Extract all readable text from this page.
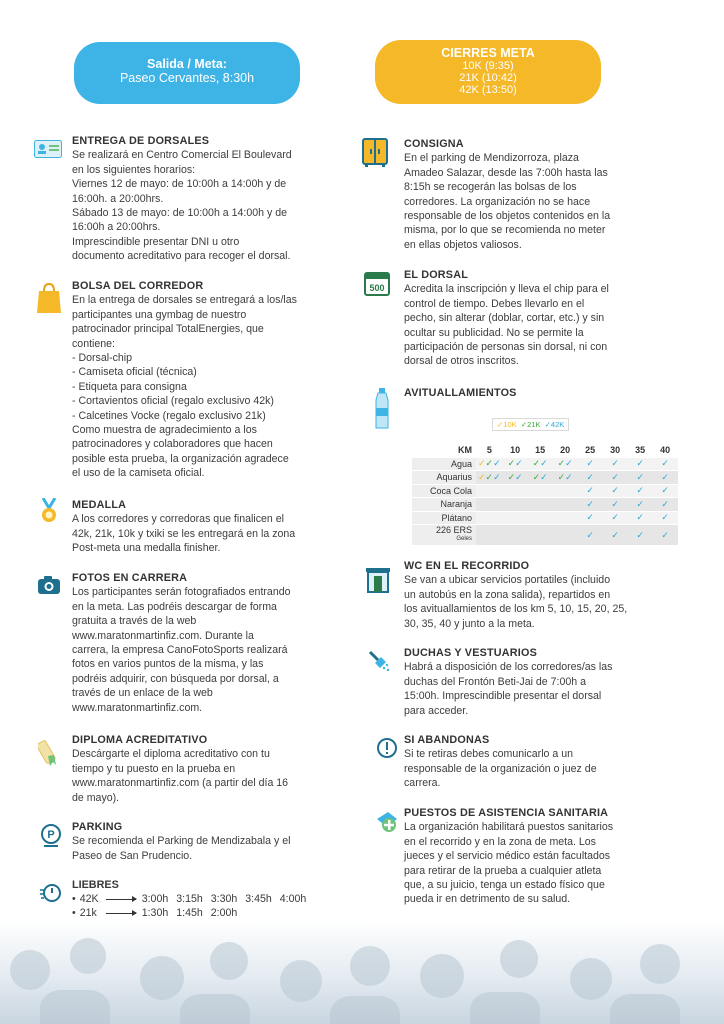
Salida / Meta:
Paseo Cervantes, 8:30h
CIERRES META
10K (9:35)
21K (10:42)
42K (13:50)
ENTREGA DE DORSALES
Se realizará en Centro Comercial El Boulevard
en los siguientes horarios:
Viernes 12 de mayo: de 10:00h a 14:00h y de
16:00h. a 20:00hrs.
Sábado 13 de mayo: de 10:00h a 14:00h y de
16:00h a 20:00hrs.
Imprescindible presentar DNI u otro
documento acreditativo para recoger el dorsal.
BOLSA DEL CORREDOR
En la entrega de dorsales se entregará a los/las
participantes una gymbag de nuestro
patrocinador principal TotalEnergies, que
contiene:
- Dorsal-chip
- Camiseta oficial (técnica)
- Etiqueta para consigna
- Cortavientos oficial (regalo exclusivo 42k)
- Calcetines Vocke (regalo exclusivo 21k)
Como muestra de agradecimiento a los
patrocinadores y colaboradores que hacen
posible esta prueba, la organización agradece
el uso de la camiseta oficial.
MEDALLA
A los corredores y corredoras que finalicen el
42k, 21k, 10k y txiki se les entregará en la zona
Post-meta una medalla finisher.
FOTOS EN CARRERA
Los participantes serán fotografiados entrando
en la meta. Las podréis descargar de forma
gratuita a través de la web
www.maratonmartinfiz.com. Durante la
carrera, la empresa CanoFotoSports realizará
fotos en varios puntos de la misma, y las
podréis adquirir, con búsqueda por dorsal, a
través de un enlace de la web
www.maratonmartinfiz.com.
DIPLOMA ACREDITATIVO
Descárgarte el diploma acreditativo con tu
tiempo y tu puesto en la prueba en
www.maratonmartinfiz.com (a partir del día 16
de mayo).
P
PARKING
Se recomienda el Parking de Mendizabala y el
Paseo de San Prudencio.
LIEBRES
• 42K	3:00h 3:15h 3:30h 3:45h 4:00h
• 21k	1:30h 1:45h 2:00h
CONSIGNA
En el parking de Mendizorroza, plaza
Amadeo Salazar, desde las 7:00h hasta las
8:15h se recogerán las bolsas de los
corredores. La organización no se hace
responsable de los objetos contenidos en la
misma, por lo que se recomienda no meter
en ellas objetos valiosos.
500
EL DORSAL
Acredita la inscripción y lleva el chip para el
control de tiempo. Debes llevarlo en el
pecho, sin alterar (doblar, cortar, etc.) y sin
ocultar su publicidad. No se permite la
participación de personas sin dorsal, ni con
dorsal de otros inscritos.
AVITUALLAMIENTOS
✓10K ✓21K ✓42K
KM	5	10	15	20	25	30	35	40
Agua	✓✓✓	✓✓	✓✓	✓✓	✓	✓	✓	✓
Aquarius	✓✓✓	✓✓	✓✓	✓✓	✓	✓	✓	✓
Coca Cola					✓	✓	✓	✓
Naranja					✓	✓	✓	✓
Plátano					✓	✓	✓	✓
226 ERS
Geles					✓	✓	✓	✓
WC EN EL RECORRIDO
Se van a ubicar servicios portatiles (incluido
un autobús en la zona salida), repartidos en
los avituallamientos de los km 5, 10, 15, 20, 25,
30, 35, 40 y junto a la meta.
DUCHAS Y VESTUARIOS
Habrá a disposición de los corredores/as las
duchas del Frontón Beti-Jai de 7:00h a
15:00h. Imprescindible presentar el dorsal
para acceder.
SI ABANDONAS
Si te retiras debes comunicarlo a un
responsable de la organización o juez de
carrera.
PUESTOS DE ASISTENCIA SANITARIA
La organización habilitará puestos sanitarios
en el recorrido y en la zona de meta. Los
jueces y el servicio médico están facultados
para retirar de la prueba a cualquier atleta
que, a su juicio, tenga un estado físico que
pueda ir en detrimento de su salud.
